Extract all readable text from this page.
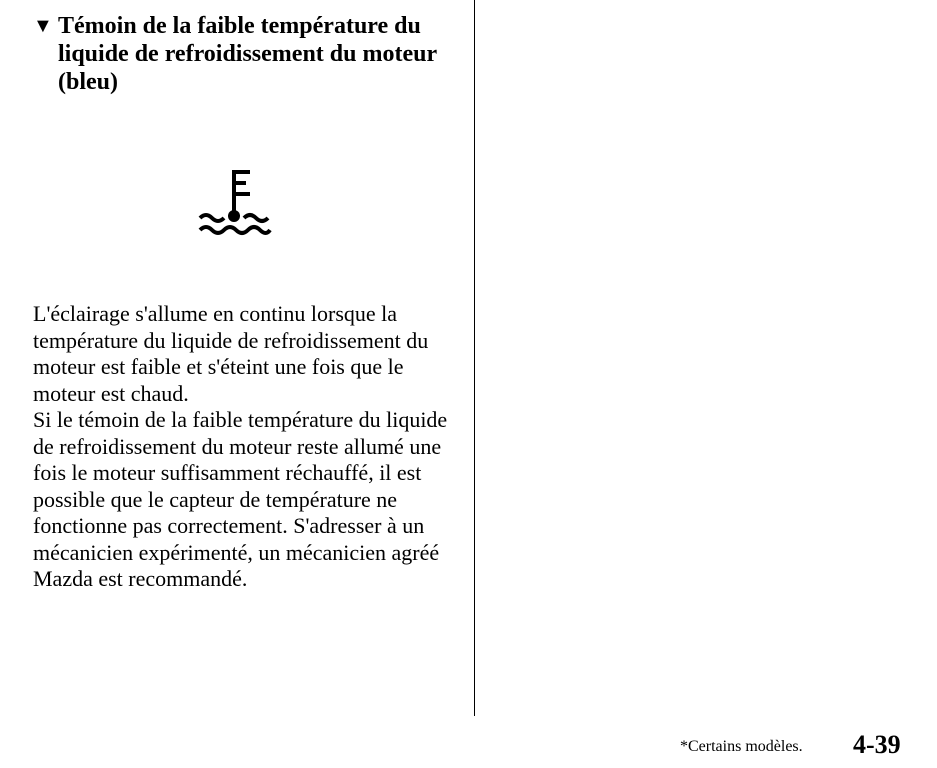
▼ Témoin de la faible température du liquide de refroidissement du moteur (bleu)

L'éclairage s'allume en continu lorsque la température du liquide de refroidissement du moteur est faible et s'éteint une fois que le moteur est chaud.

Si le témoin de la faible température du liquide de refroidissement du moteur reste allumé une fois le moteur suffisamment réchauffé, il est possible que le capteur de température ne fonctionne pas correctement. S'adresser à un mécanicien expérimenté, un mécanicien agréé Mazda est recommandé.

*Certains modèles. 4-39
